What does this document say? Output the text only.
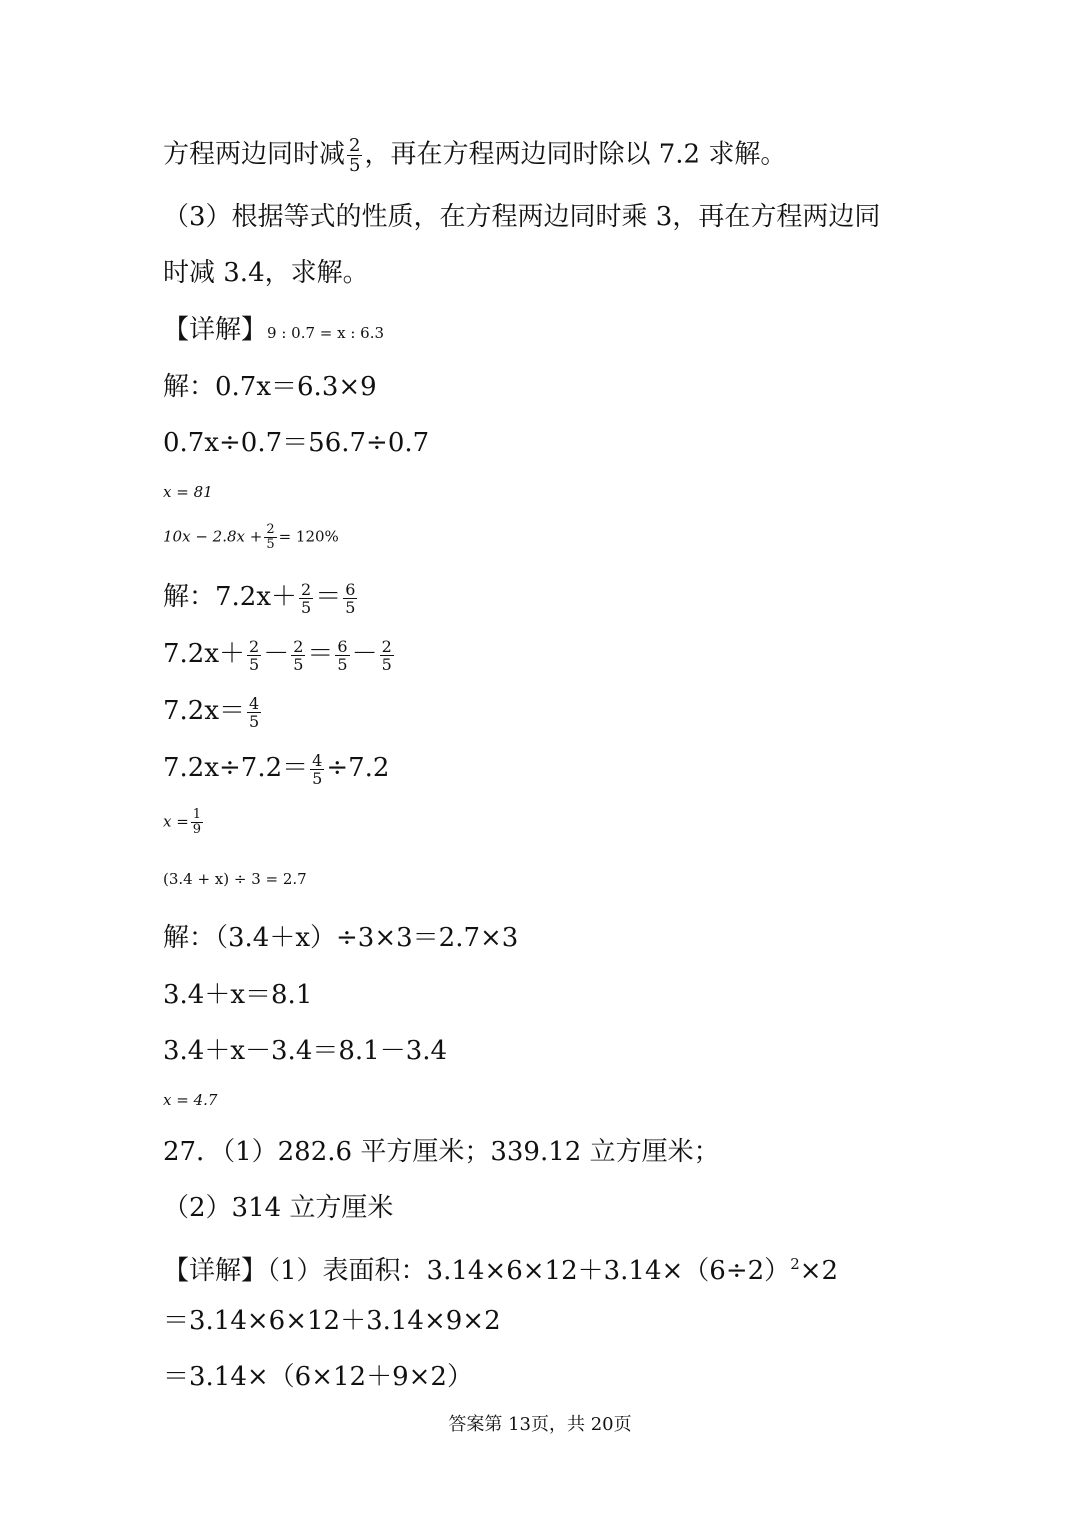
方程两边同时减 $\frac{2}{5}$ ，再在方程两边同时除以 7.2 求解。
（3）根据等式的性质，在方程两边同时乘 3，再在方程两边同
时减 3.4，求解。
【详解】9 : 0.7 = x : 6.3
解：0.7x＝6.3×9
0.7x÷0.7＝56.7÷0.7
x = 81
$10x - 2.8x + \frac{2}{5} = 120\%$
解：$7.2x+ \frac{2}{5} = \frac{6}{5}$
$7.2x+ \frac{2}{5} - \frac{2}{5} = \frac{6}{5} - \frac{2}{5}$
$7.2x= \frac{4}{5}$
$7.2x\div 7.2= \frac{4}{5} \div 7.2$
$x = \frac{1}{9}$
(3.4 + x) ÷ 3 = 2.7
解：（3.4＋x）÷3×3＝2.7×3
3.4＋x＝8.1
3.4＋x－3.4＝8.1－3.4
x = 4.7
27．（1）282.6 平方厘米；339.12 立方厘米；
（2）314 立方厘米
【详解】（1）表面积：$3.14\times 6\times 12+3.14\times(6\div 2)^2\times 2$
＝3.14×6×12＋3.14×9×2
＝3.14×（6×12＋9×2）
答案第 13页，共 20页
